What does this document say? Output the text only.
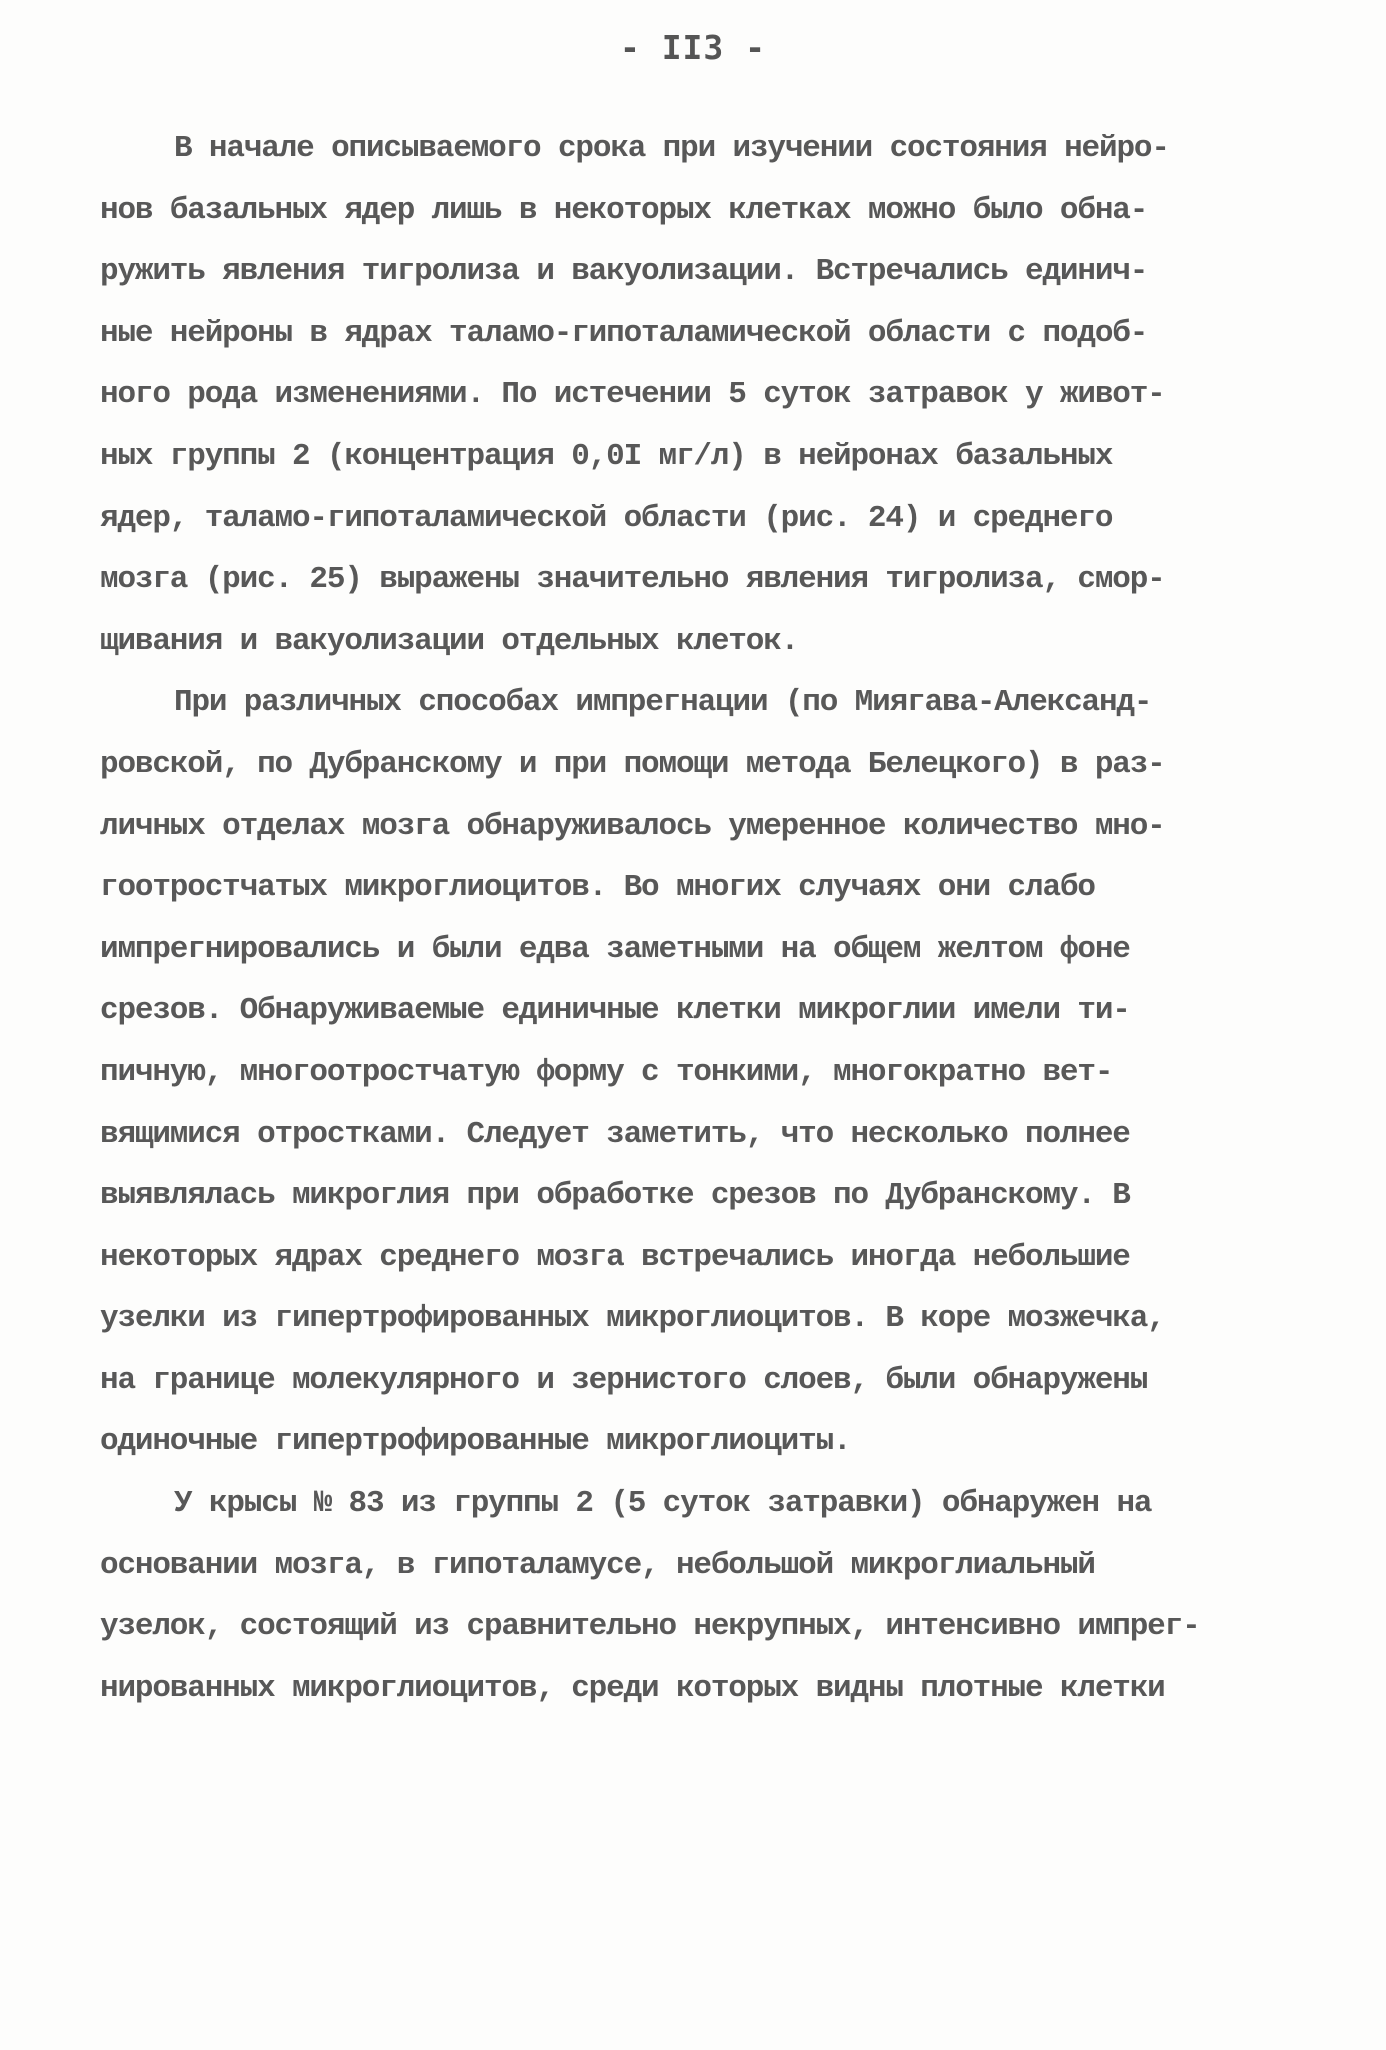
- II3 -
В начале описываемого срока при изучении состояния нейро-
нов базальных ядер лишь в некоторых клетках можно было обна-
ружить явления тигролиза и вакуолизации. Встречались единич-
ные нейроны в ядрах таламо-гипоталамической области с подоб-
ного рода изменениями. По истечении 5 суток затравок у живот-
ных группы 2 (концентрация 0,0I мг/л) в нейронах базальных
ядер, таламо-гипоталамической области (рис. 24) и среднего
мозга (рис. 25) выражены значительно явления тигролиза, смор-
щивания и вакуолизации отдельных клеток.
При различных способах импрегнации (по Миягава-Александ-
ровской, по Дубранскому и при помощи метода Белецкого) в раз-
личных отделах мозга обнаруживалось умеренное количество мно-
гоотростчатых микроглиоцитов. Во многих случаях они слабо
импрегнировались и были едва заметными на общем желтом фоне
срезов. Обнаруживаемые единичные клетки микроглии имели ти-
пичную, многоотростчатую форму с тонкими, многократно вет-
вящимися отростками. Следует заметить, что несколько полнее
выявлялась микроглия при обработке срезов по Дубранскому. В
некоторых ядрах среднего мозга встречались иногда небольшие
узелки из гипертрофированных микроглиоцитов. В коре мозжечка,
на границе молекулярного и зернистого слоев, были обнаружены
одиночные гипертрофированные микроглиоциты.
У крысы № 83 из группы 2 (5 суток затравки) обнаружен на
основании мозга, в гипоталамусе, небольшой микроглиальный
узелок, состоящий из сравнительно некрупных, интенсивно импрег-
нированных микроглиоцитов, среди которых видны плотные клетки
